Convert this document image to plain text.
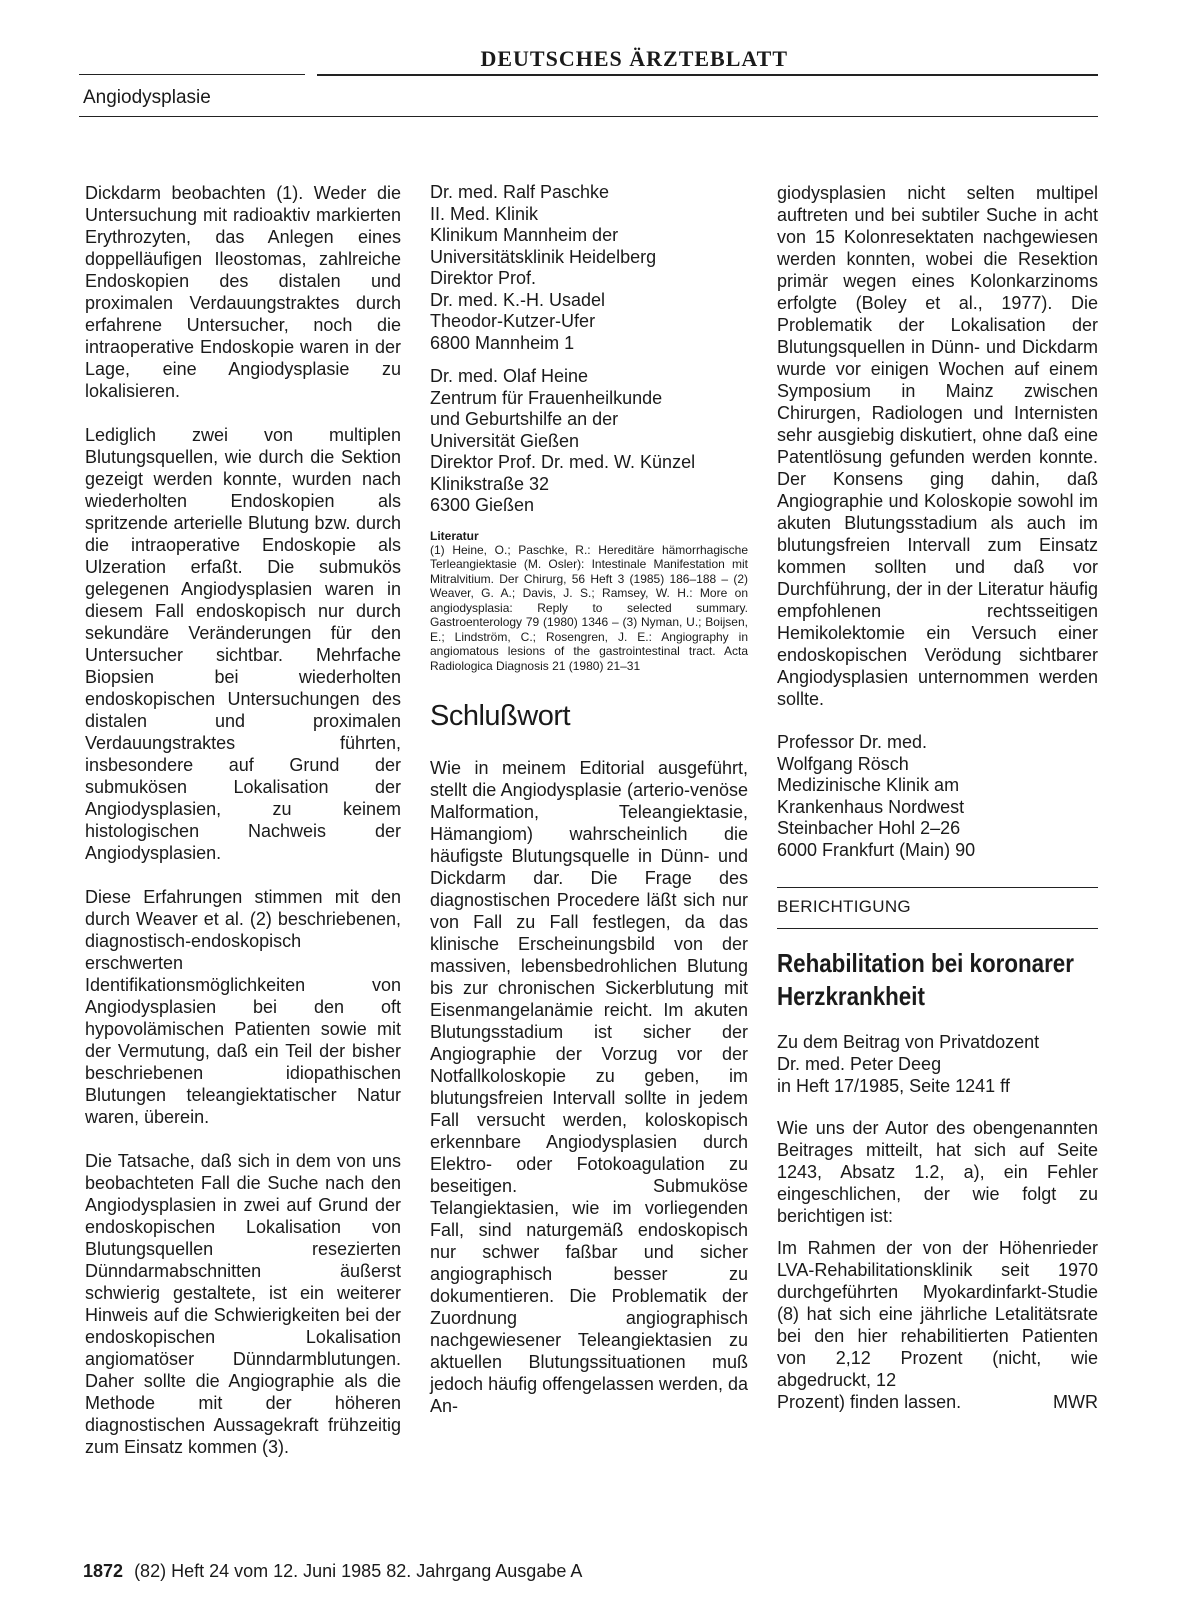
DEUTSCHES ÄRZTEBLATT
Angiodysplasie

Dickdarm beobachten (1). Weder die Untersuchung mit radioaktiv markierten Erythrozyten, das Anlegen eines doppelläufigen Ileostomas, zahlreiche Endoskopien des distalen und proximalen Verdauungstraktes durch erfahrene Untersucher, noch die intraoperative Endoskopie waren in der Lage, eine Angiodysplasie zu lokalisieren.

Lediglich zwei von multiplen Blutungsquellen, wie durch die Sektion gezeigt werden konnte, wurden nach wiederholten Endoskopien als spritzende arterielle Blutung bzw. durch die intraoperative Endoskopie als Ulzeration erfaßt. Die submukös gelegenen Angiodysplasien waren in diesem Fall endoskopisch nur durch sekundäre Veränderungen für den Untersucher sichtbar. Mehrfache Biopsien bei wiederholten endoskopischen Untersuchungen des distalen und proximalen Verdauungstraktes führten, insbesondere auf Grund der submukösen Lokalisation der Angiodysplasien, zu keinem histologischen Nachweis der Angiodysplasien.

Diese Erfahrungen stimmen mit den durch Weaver et al. (2) beschriebenen, diagnostisch-endoskopisch erschwerten Identifikationsmöglichkeiten von Angiodysplasien bei den oft hypovolämischen Patienten sowie mit der Vermutung, daß ein Teil der bisher beschriebenen idiopathischen Blutungen teleangiektatischer Natur waren, überein.

Die Tatsache, daß sich in dem von uns beobachteten Fall die Suche nach den Angiodysplasien in zwei auf Grund der endoskopischen Lokalisation von Blutungsquellen resezierten Dünndarmabschnitten äußerst schwierig gestaltete, ist ein weiterer Hinweis auf die Schwierigkeiten bei der endoskopischen Lokalisation angiomatöser Dünndarmblutungen. Daher sollte die Angiographie als die Methode mit der höheren diagnostischen Aussagekraft frühzeitig zum Einsatz kommen (3).

Dr. med. Ralf Paschke
II. Med. Klinik
Klinikum Mannheim der
Universitätsklinik Heidelberg
Direktor Prof.
Dr. med. K.-H. Usadel
Theodor-Kutzer-Ufer
6800 Mannheim 1
Dr. med. Olaf Heine
Zentrum für Frauenheilkunde
und Geburtshilfe an der
Universität Gießen
Direktor Prof. Dr. med. W. Künzel
Klinikstraße 32
6300 Gießen
Literatur
(1) Heine, O.; Paschke, R.: Hereditäre hämorrhagische Terleangiektasie (M. Osler): Intestinale Manifestation mit Mitralvitium. Der Chirurg, 56 Heft 3 (1985) 186–188 – (2) Weaver, G. A.; Davis, J. S.; Ramsey, W. H.: More on angiodysplasia: Reply to selected summary. Gastroenterology 79 (1980) 1346 – (3) Nyman, U.; Boijsen, E.; Lindström, C.; Rosengren, J. E.: Angiography in angiomatous lesions of the gastrointestinal tract. Acta Radiologica Diagnosis 21 (1980) 21–31
Schlußwort

Wie in meinem Editorial ausgeführt, stellt die Angiodysplasie (arterio-venöse Malformation, Teleangiektasie, Hämangiom) wahrscheinlich die häufigste Blutungsquelle in Dünn- und Dickdarm dar. Die Frage des diagnostischen Procedere läßt sich nur von Fall zu Fall festlegen, da das klinische Erscheinungsbild von der massiven, lebensbedrohlichen Blutung bis zur chronischen Sickerblutung mit Eisenmangelanämie reicht. Im akuten Blutungsstadium ist sicher der Angiographie der Vorzug vor der Notfallkoloskopie zu geben, im blutungsfreien Intervall sollte in jedem Fall versucht werden, koloskopisch erkennbare Angiodysplasien durch Elektro- oder Fotokoagulation zu beseitigen. Submuköse Telangiektasien, wie im vorliegenden Fall, sind naturgemäß endoskopisch nur schwer faßbar und sicher angiographisch besser zu dokumentieren. Die Problematik der Zuordnung angiographisch nachgewiesener Teleangiektasien zu aktuellen Blutungssituationen muß jedoch häufig offengelassen werden, da An-

giodysplasien nicht selten multipel auftreten und bei subtiler Suche in acht von 15 Kolonresektaten nachgewiesen werden konnten, wobei die Resektion primär wegen eines Kolonkarzinoms erfolgte (Boley et al., 1977). Die Problematik der Lokalisation der Blutungsquellen in Dünn- und Dickdarm wurde vor einigen Wochen auf einem Symposium in Mainz zwischen Chirurgen, Radiologen und Internisten sehr ausgiebig diskutiert, ohne daß eine Patentlösung gefunden werden konnte. Der Konsens ging dahin, daß Angiographie und Koloskopie sowohl im akuten Blutungsstadium als auch im blutungsfreien Intervall zum Einsatz kommen sollten und daß vor Durchführung, der in der Literatur häufig empfohlenen rechtsseitigen Hemikolektomie ein Versuch einer endoskopischen Verödung sichtbarer Angiodysplasien unternommen werden sollte.

Professor Dr. med.
Wolfgang Rösch
Medizinische Klinik am
Krankenhaus Nordwest
Steinbacher Hohl 2–26
6000 Frankfurt (Main) 90
BERICHTIGUNG
Rehabilitation bei koronarer Herzkrankheit
Zu dem Beitrag von Privatdozent
Dr. med. Peter Deeg
in Heft 17/1985, Seite 1241 ff

Wie uns der Autor des obengenannten Beitrages mitteilt, hat sich auf Seite 1243, Absatz 1.2, a), ein Fehler eingeschlichen, der wie folgt zu berichtigen ist:

Im Rahmen der von der Höhenrieder LVA-Rehabilitationsklinik seit 1970 durchgeführten Myokardinfarkt-Studie (8) hat sich eine jährliche Letalitätsrate bei den hier rehabilitierten Patienten von 2,12 Prozent (nicht, wie abgedruckt, 12

Prozent) finden lassen.	MWR
1872 (82) Heft 24 vom 12. Juni 1985 82. Jahrgang Ausgabe A
